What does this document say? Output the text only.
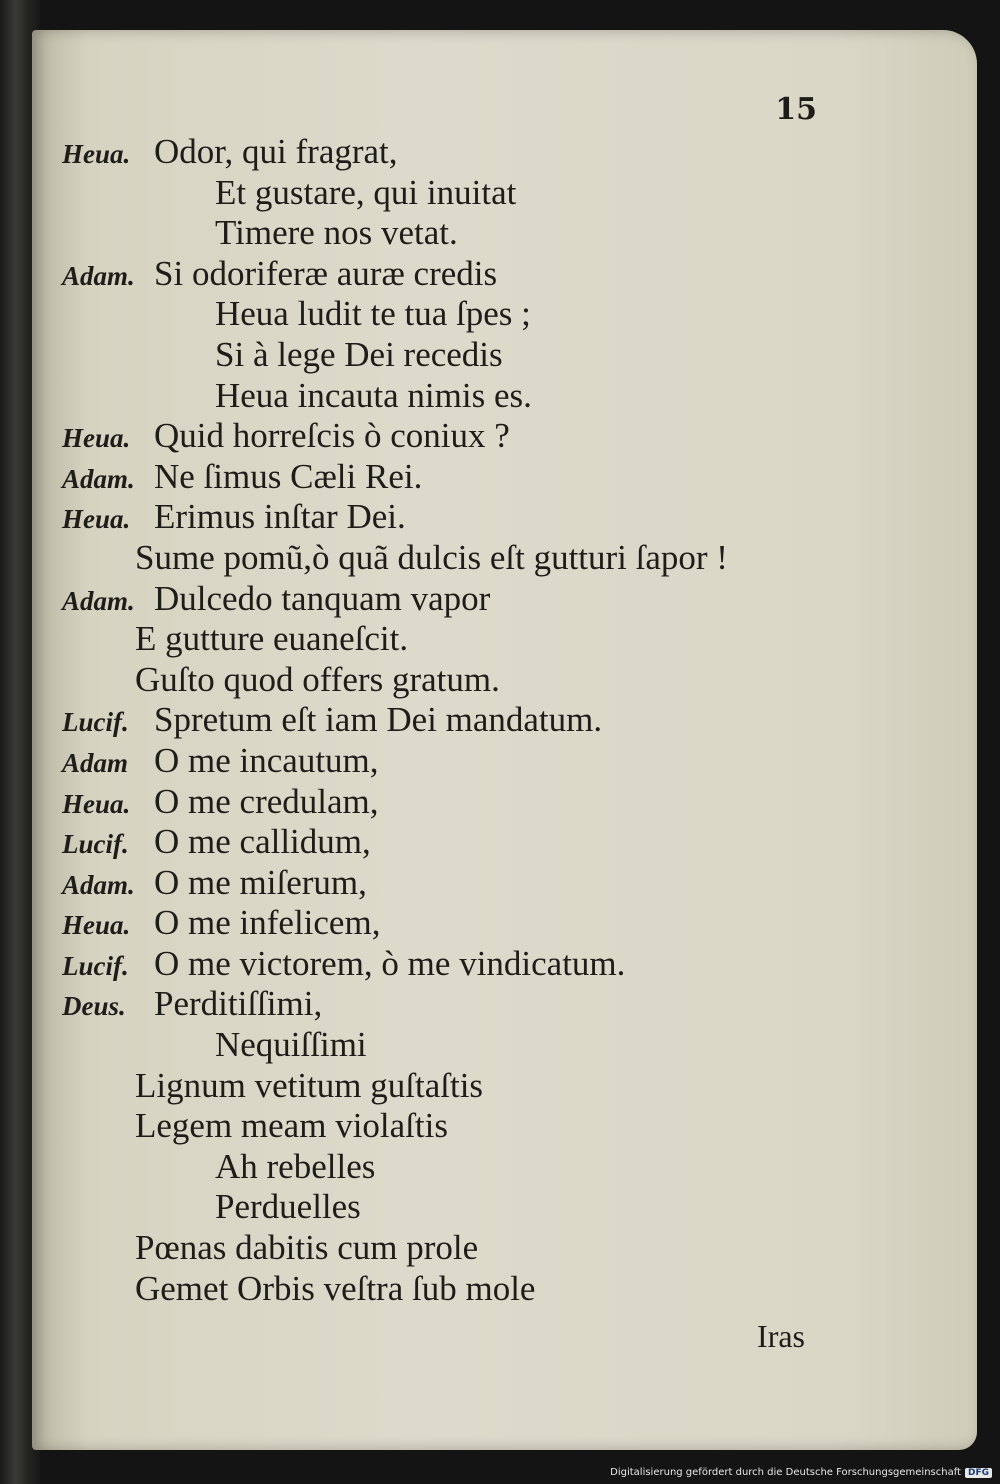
15
Heua. Odor, qui fragrat,
Et gustare, qui inuitat
Timere nos vetat.
Adam. Si odoriferæ auræ credis
Heua ludit te tua ſpes ;
Si à lege Dei recedis
Heua incauta nimis es.
Heua. Quid horreſcis ò coniux ?
Adam. Ne ſimus Cæli Rei.
Heua. Erimus inſtar Dei.
Sume pomũ,ò quã dulcis eſt gutturi ſapor !
Adam. Dulcedo tanquam vapor
E gutture euaneſcit.
Guſto quod offers gratum.
Lucif. Spretum eſt iam Dei mandatum.
Adam O me incautum,
Heua. O me credulam,
Lucif. O me callidum,
Adam. O me miſerum,
Heua. O me infelicem,
Lucif. O me victorem, ò me vindicatum.
Deus. Perditiſſimi,
Nequiſſimi
Lignum vetitum guſtaſtis
Legem meam violaſtis
Ah rebelles
Perduelles
Pœnas dabitis cum prole
Gemet Orbis veſtra ſub mole
Iras
Digitalisierung gefördert durch die Deutsche Forschungsgemeinschaft DFG
